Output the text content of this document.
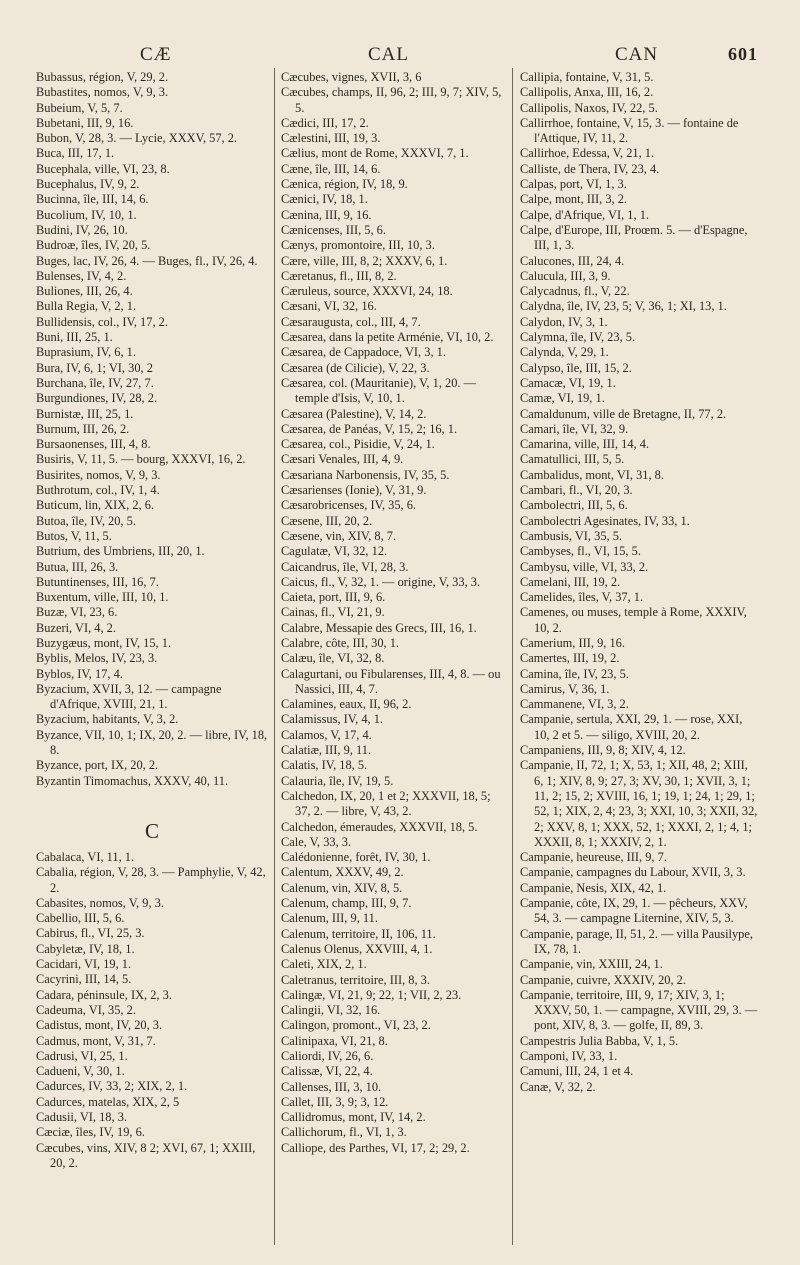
CÆ	CAL	CAN	601
Bubassus, région, V, 29, 2.
Bubastites, nomos, V, 9, 3.
Bubeium, V, 5, 7.
Bubetani, III, 9, 16.
Bubon, V, 28, 3. — Lycie, XXXV, 57, 2.
Buca, III, 17, 1.
Bucephala, ville, VI, 23, 8.
Bucephalus, IV, 9, 2.
Bucinna, île, III, 14, 6.
Bucolium, IV, 10, 1.
Budini, IV, 26, 10.
Budroæ, îles, IV, 20, 5.
Buges, lac, IV, 26, 4. — Buges, fl., IV, 26, 4.
Bulenses, IV, 4, 2.
Buliones, III, 26, 4.
Bulla Regia, V, 2, 1.
Bullidensis, col., IV, 17, 2.
Buni, III, 25, 1.
Buprasium, IV, 6, 1.
Bura, IV, 6, 1; VI, 30, 2
Burchana, île, IV, 27, 7.
Burgundiones, IV, 28, 2.
Burnistæ, III, 25, 1.
Burnum, III, 26, 2.
Bursaonenses, III, 4, 8.
Busiris, V, 11, 5. — bourg, XXXVI, 16, 2.
Busirites, nomos, V, 9, 3.
Buthrotum, col., IV, 1, 4.
Buticum, lin, XIX, 2, 6.
Butoa, île, IV, 20, 5.
Butos, V, 11, 5.
Butrium, des Umbriens, III, 20, 1.
Butua, III, 26, 3.
Butuntinenses, III, 16, 7.
Buxentum, ville, III, 10, 1.
Buzæ, VI, 23, 6.
Buzeri, VI, 4, 2.
Buzygæus, mont, IV, 15, 1.
Byblis, Melos, IV, 23, 3.
Byblos, IV, 17, 4.
Byzacium, XVII, 3, 12. — campagne d'Afrique, XVIII, 21, 1.
Byzacium, habitants, V, 3, 2.
Byzance, VII, 10, 1; IX, 20, 2. — libre, IV, 18, 8.
Byzance, port, IX, 20, 2.
Byzantin Timomachus, XXXV, 40, 11.
C
Cabalaca, VI, 11, 1.
Cabalia, région, V, 28, 3. — Pamphylie, V, 42, 2.
Cabasites, nomos, V, 9, 3.
Cabellio, III, 5, 6.
Cabirus, fl., VI, 25, 3.
Cabyletæ, IV, 18, 1.
Cacidari, VI, 19, 1.
Cacyrini, III, 14, 5.
Cadara, péninsule, IX, 2, 3.
Cadeuma, VI, 35, 2.
Cadistus, mont, IV, 20, 3.
Cadmus, mont, V, 31, 7.
Cadrusi, VI, 25, 1.
Cadueni, V, 30, 1.
Cadurces, IV, 33, 2; XIX, 2, 1.
Cadurces, matelas, XIX, 2, 5
Cadusii, VI, 18, 3.
Cæciæ, îles, IV, 19, 6.
Cæcubes, vins, XIV, 8 2; XVI, 67, 1; XXIII, 20, 2.
Cæcubes, vignes, XVII, 3, 6
Cæcubes, champs, II, 96, 2; III, 9, 7; XIV, 5, 5.
Cædici, III, 17, 2.
Cælestini, III, 19, 3.
Cælius, mont de Rome, XXXVI, 7, 1.
Cæne, île, III, 14, 6.
Cænica, région, IV, 18, 9.
Cænici, IV, 18, 1.
Cænina, III, 9, 16.
Cænicenses, III, 5, 6.
Cænys, promontoire, III, 10, 3.
Cære, ville, III, 8, 2; XXXV, 6, 1.
Cæretanus, fl., III, 8, 2.
Cæruleus, source, XXXVI, 24, 18.
Cæsani, VI, 32, 16.
Cæsaraugusta, col., III, 4, 7.
Cæsarea, dans la petite Arménie, VI, 10, 2.
Cæsarea, de Cappadoce, VI, 3, 1.
Cæsarea (de Cilicie), V, 22, 3.
Cæsarea, col. (Mauritanie), V, 1, 20. — temple d'Isis, V, 10, 1.
Cæsarea (Palestine), V, 14, 2.
Cæsarea, de Panéas, V, 15, 2; 16, 1.
Cæsarea, col., Pisidie, V, 24, 1.
Cæsari Venales, III, 4, 9.
Cæsariana Narbonensis, IV, 35, 5.
Cæsarienses (Ionie), V, 31, 9.
Cæsarobricenses, IV, 35, 6.
Cæsene, III, 20, 2.
Cæsene, vin, XIV, 8, 7.
Cagulatæ, VI, 32, 12.
Caicandrus, île, VI, 28, 3.
Caicus, fl., V, 32, 1. — origine, V, 33, 3.
Caieta, port, III, 9, 6.
Cainas, fl., VI, 21, 9.
Calabre, Messapie des Grecs, III, 16, 1.
Calabre, côte, III, 30, 1.
Calæu, île, VI, 32, 8.
Calagurtani, ou Fibularenses, III, 4, 8. — ou Nassici, III, 4, 7.
Calamines, eaux, II, 96, 2.
Calamissus, IV, 4, 1.
Calamos, V, 17, 4.
Calatiæ, III, 9, 11.
Calatis, IV, 18, 5.
Calauria, île, IV, 19, 5.
Calchedon, IX, 20, 1 et 2; XXXVII, 18, 5; 37, 2. — libre, V, 43, 2.
Calchedon, émeraudes, XXXVII, 18, 5.
Cale, V, 33, 3.
Calédonienne, forêt, IV, 30, 1.
Calentum, XXXV, 49, 2.
Calenum, vin, XIV, 8, 5.
Calenum, champ, III, 9, 7.
Calenum, III, 9, 11.
Calenum, territoire, II, 106, 11.
Calenus Olenus, XXVIII, 4, 1.
Caleti, XIX, 2, 1.
Caletranus, territoire, III, 8, 3.
Calingæ, VI, 21, 9; 22, 1; VII, 2, 23.
Calingii, VI, 32, 16.
Calingon, promont., VI, 23, 2.
Calinipaxa, VI, 21, 8.
Caliordi, IV, 26, 6.
Calissæ, VI, 22, 4.
Callenses, III, 3, 10.
Callet, III, 3, 9; 3, 12.
Callidromus, mont, IV, 14, 2.
Callichorum, fl., VI, 1, 3.
Calliope, des Parthes, VI, 17, 2; 29, 2.
Callipia, fontaine, V, 31, 5.
Callipolis, Anxa, III, 16, 2.
Callipolis, Naxos, IV, 22, 5.
Callirrhoe, fontaine, V, 15, 3. — fontaine de l'Attique, IV, 11, 2.
Callirhoe, Edessa, V, 21, 1.
Calliste, de Thera, IV, 23, 4.
Calpas, port, VI, 1, 3.
Calpe, mont, III, 3, 2.
Calpe, d'Afrique, VI, 1, 1.
Calpe, d'Europe, III, Proœm. 5. — d'Espagne, III, 1, 3.
Calucones, III, 24, 4.
Calucula, III, 3, 9.
Calycadnus, fl., V, 22.
Calydna, île, IV, 23, 5; V, 36, 1; XI, 13, 1.
Calydon, IV, 3, 1.
Calymna, île, IV, 23, 5.
Calynda, V, 29, 1.
Calypso, île, III, 15, 2.
Camacæ, VI, 19, 1.
Camæ, VI, 19, 1.
Camaldunum, ville de Bretagne, II, 77, 2.
Camari, île, VI, 32, 9.
Camarina, ville, III, 14, 4.
Camatullici, III, 5, 5.
Cambalidus, mont, VI, 31, 8.
Cambari, fl., VI, 20, 3.
Cambolectri, III, 5, 6.
Cambolectri Agesinates, IV, 33, 1.
Cambusis, VI, 35, 5.
Cambyses, fl., VI, 15, 5.
Cambysu, ville, VI, 33, 2.
Camelani, III, 19, 2.
Camelides, îles, V, 37, 1.
Camenes, ou muses, temple à Rome, XXXIV, 10, 2.
Camerium, III, 9, 16.
Camertes, III, 19, 2.
Camina, île, IV, 23, 5.
Camirus, V, 36, 1.
Cammanene, VI, 3, 2.
Campanie, sertula, XXI, 29, 1. — rose, XXI, 10, 2 et 5. — siligo, XVIII, 20, 2.
Campaniens, III, 9, 8; XIV, 4, 12.
Campanie, II, 72, 1; X, 53, 1; XII, 48, 2; XIII, 6, 1; XIV, 8, 9; 27, 3; XV, 30, 1; XVII, 3, 1; 11, 2; 15, 2; XVIII, 16, 1; 19, 1; 24, 1; 29, 1; 52, 1; XIX, 2, 4; 23, 3; XXI, 10, 3; XXII, 32, 2; XXV, 8, 1; XXX, 52, 1; XXXI, 2, 1; 4, 1; XXXII, 8, 1; XXXIV, 2, 1.
Campanie, heureuse, III, 9, 7.
Campanie, campagnes du Labour, XVII, 3, 3.
Campanie, Nesis, XIX, 42, 1.
Campanie, côte, IX, 29, 1. — pêcheurs, XXV, 54, 3. — campagne Liternine, XIV, 5, 3.
Campanie, parage, II, 51, 2. — villa Pausilype, IX, 78, 1.
Campanie, vin, XXIII, 24, 1.
Campanie, cuivre, XXXIV, 20, 2.
Campanie, territoire, III, 9, 17; XIV, 3, 1; XXXV, 50, 1. — campagne, XVIII, 29, 3. — pont, XIV, 8, 3. — golfe, II, 89, 3.
Campestris Julia Babba, V, 1, 5.
Camponi, IV, 33, 1.
Camuni, III, 24, 1 et 4.
Canæ, V, 32, 2.
